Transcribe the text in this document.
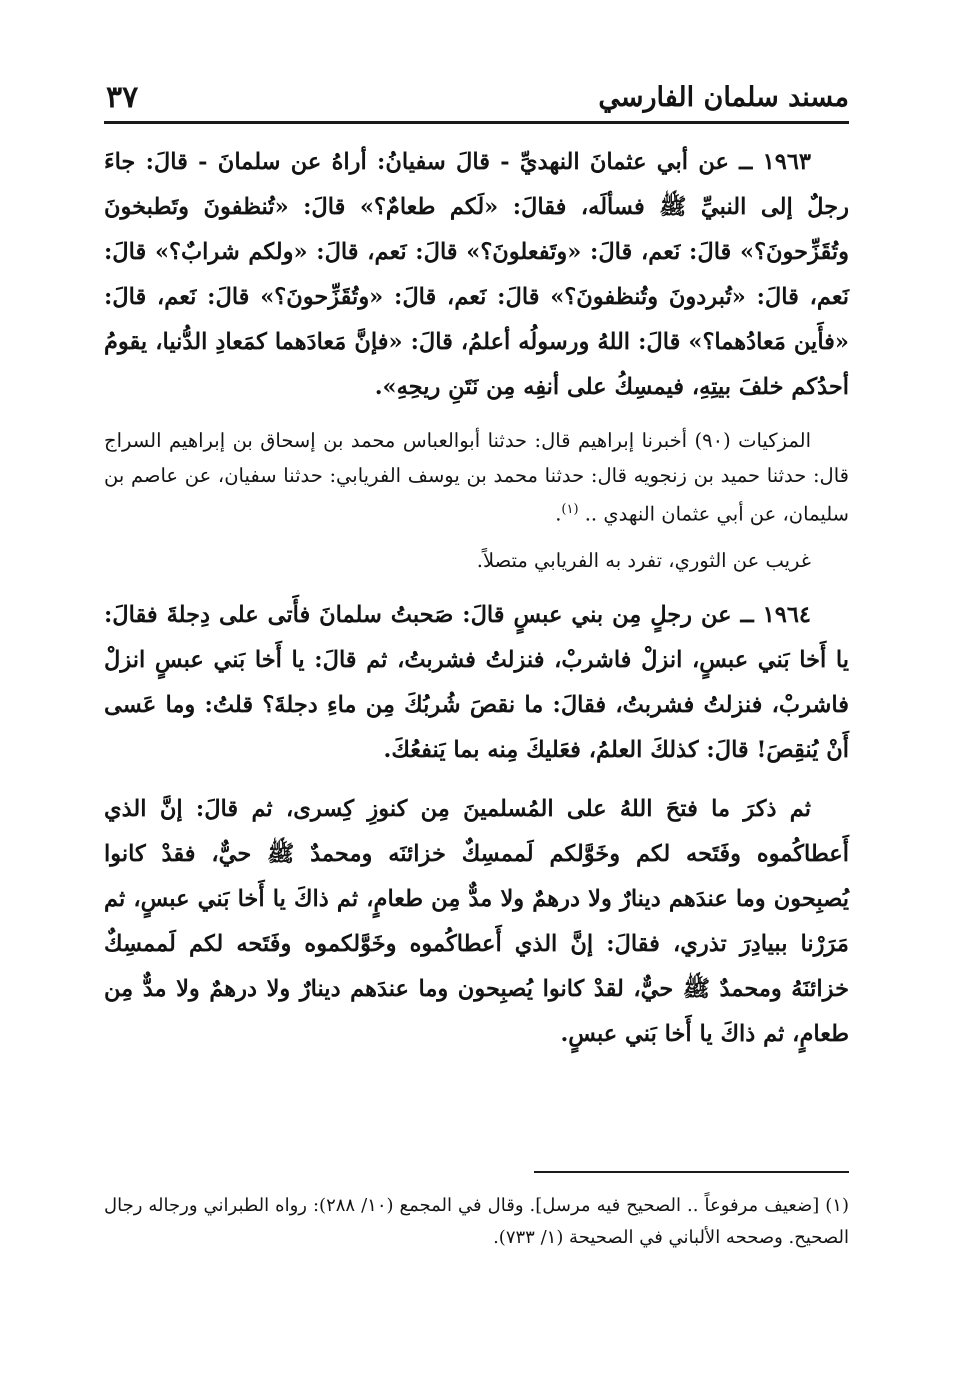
٣٧	مسند سلمان الفارسي

١٩٦٣ ــ عن أبي عثمانَ النهديِّ - قالَ سفيانُ: أراهُ عن سلمانَ - قالَ: جاءَ رجلٌ إلى النبيِّ ﷺ فسألَه، فقالَ: «لَكم طعامٌ؟» قالَ: «تُنظفونَ وتَطبخونَ وتُقَزِّحونَ؟» قالَ: نَعم، قالَ: «وتَفعلونَ؟» قالَ: نَعم، قالَ: «ولكم شرابٌ؟» قالَ: نَعم، قالَ: «تُبردونَ وتُنظفونَ؟» قالَ: نَعم، قالَ: «وتُقَزِّحونَ؟» قالَ: نَعم، قالَ: «فأَين مَعادُهما؟» قالَ: اللهُ ورسولُه أعلمُ، قالَ: «فإنَّ مَعادَهما كمَعادِ الدُّنيا، يقومُ أحدُكم خلفَ بيتِهِ، فيمسِكُ على أنفِه مِن نَتَنِ ريحِهِ».

المزكيات (٩٠) أخبرنا إبراهيم قال: حدثنا أبوالعباس محمد بن إسحاق بن إبراهيم السراج قال: حدثنا حميد بن زنجويه قال: حدثنا محمد بن يوسف الفريابي: حدثنا سفيان، عن عاصم بن سليمان، عن أبي عثمان النهدي .. $^{(١)}$.

غريب عن الثوري، تفرد به الفريابي متصلاً.

١٩٦٤ ــ عن رجلٍ مِن بني عبسٍ قالَ: صَحبتُ سلمانَ فأَتى على دِجلةَ فقالَ: يا أَخا بَني عبسٍ، انزلْ فاشربْ، فنزلتُ فشربتُ، ثم قالَ: يا أَخا بَني عبسٍ انزلْ فاشربْ، فنزلتُ فشربتُ، فقالَ: ما نقصَ شُربُكَ مِن ماءِ دجلةَ؟ قلتُ: وما عَسى أَنْ يُنقِصَ! قالَ: كذلكَ العلمُ، فعَليكَ مِنه بما يَنفعُكَ.

ثم ذكرَ ما فتحَ اللهُ على المُسلمينَ مِن كنوزِ كِسرى، ثم قالَ: إنَّ الذي أَعطاكُموه وفَتَحه لكم وخَوَّلكم لَممسِكٌ خزائنَه ومحمدٌ ﷺ حيٌّ، فقدْ كانوا يُصبِحون وما عندَهم دينارٌ ولا درهمٌ ولا مدٌّ مِن طعامٍ، ثم ذاكَ يا أَخا بَني عبسٍ، ثم مَرَرْنا ببيادِرَ تذري، فقالَ: إنَّ الذي أَعطاكُموه وخَوَّلكموه وفَتَحه لكم لَممسِكٌ خزائنَهُ ومحمدٌ ﷺ حيٌّ، لقدْ كانوا يُصبِحون وما عندَهم دينارٌ ولا درهمٌ ولا مدٌّ مِن طعامٍ، ثم ذاكَ يا أَخا بَني عبسٍ.

(١) [ضعيف مرفوعاً .. الصحيح فيه مرسل]. وقال في المجمع (١٠/ ٢٨٨): رواه الطبراني ورجاله رجال الصحيح. وصححه الألباني في الصحيحة (١/ ٧٣٣).
